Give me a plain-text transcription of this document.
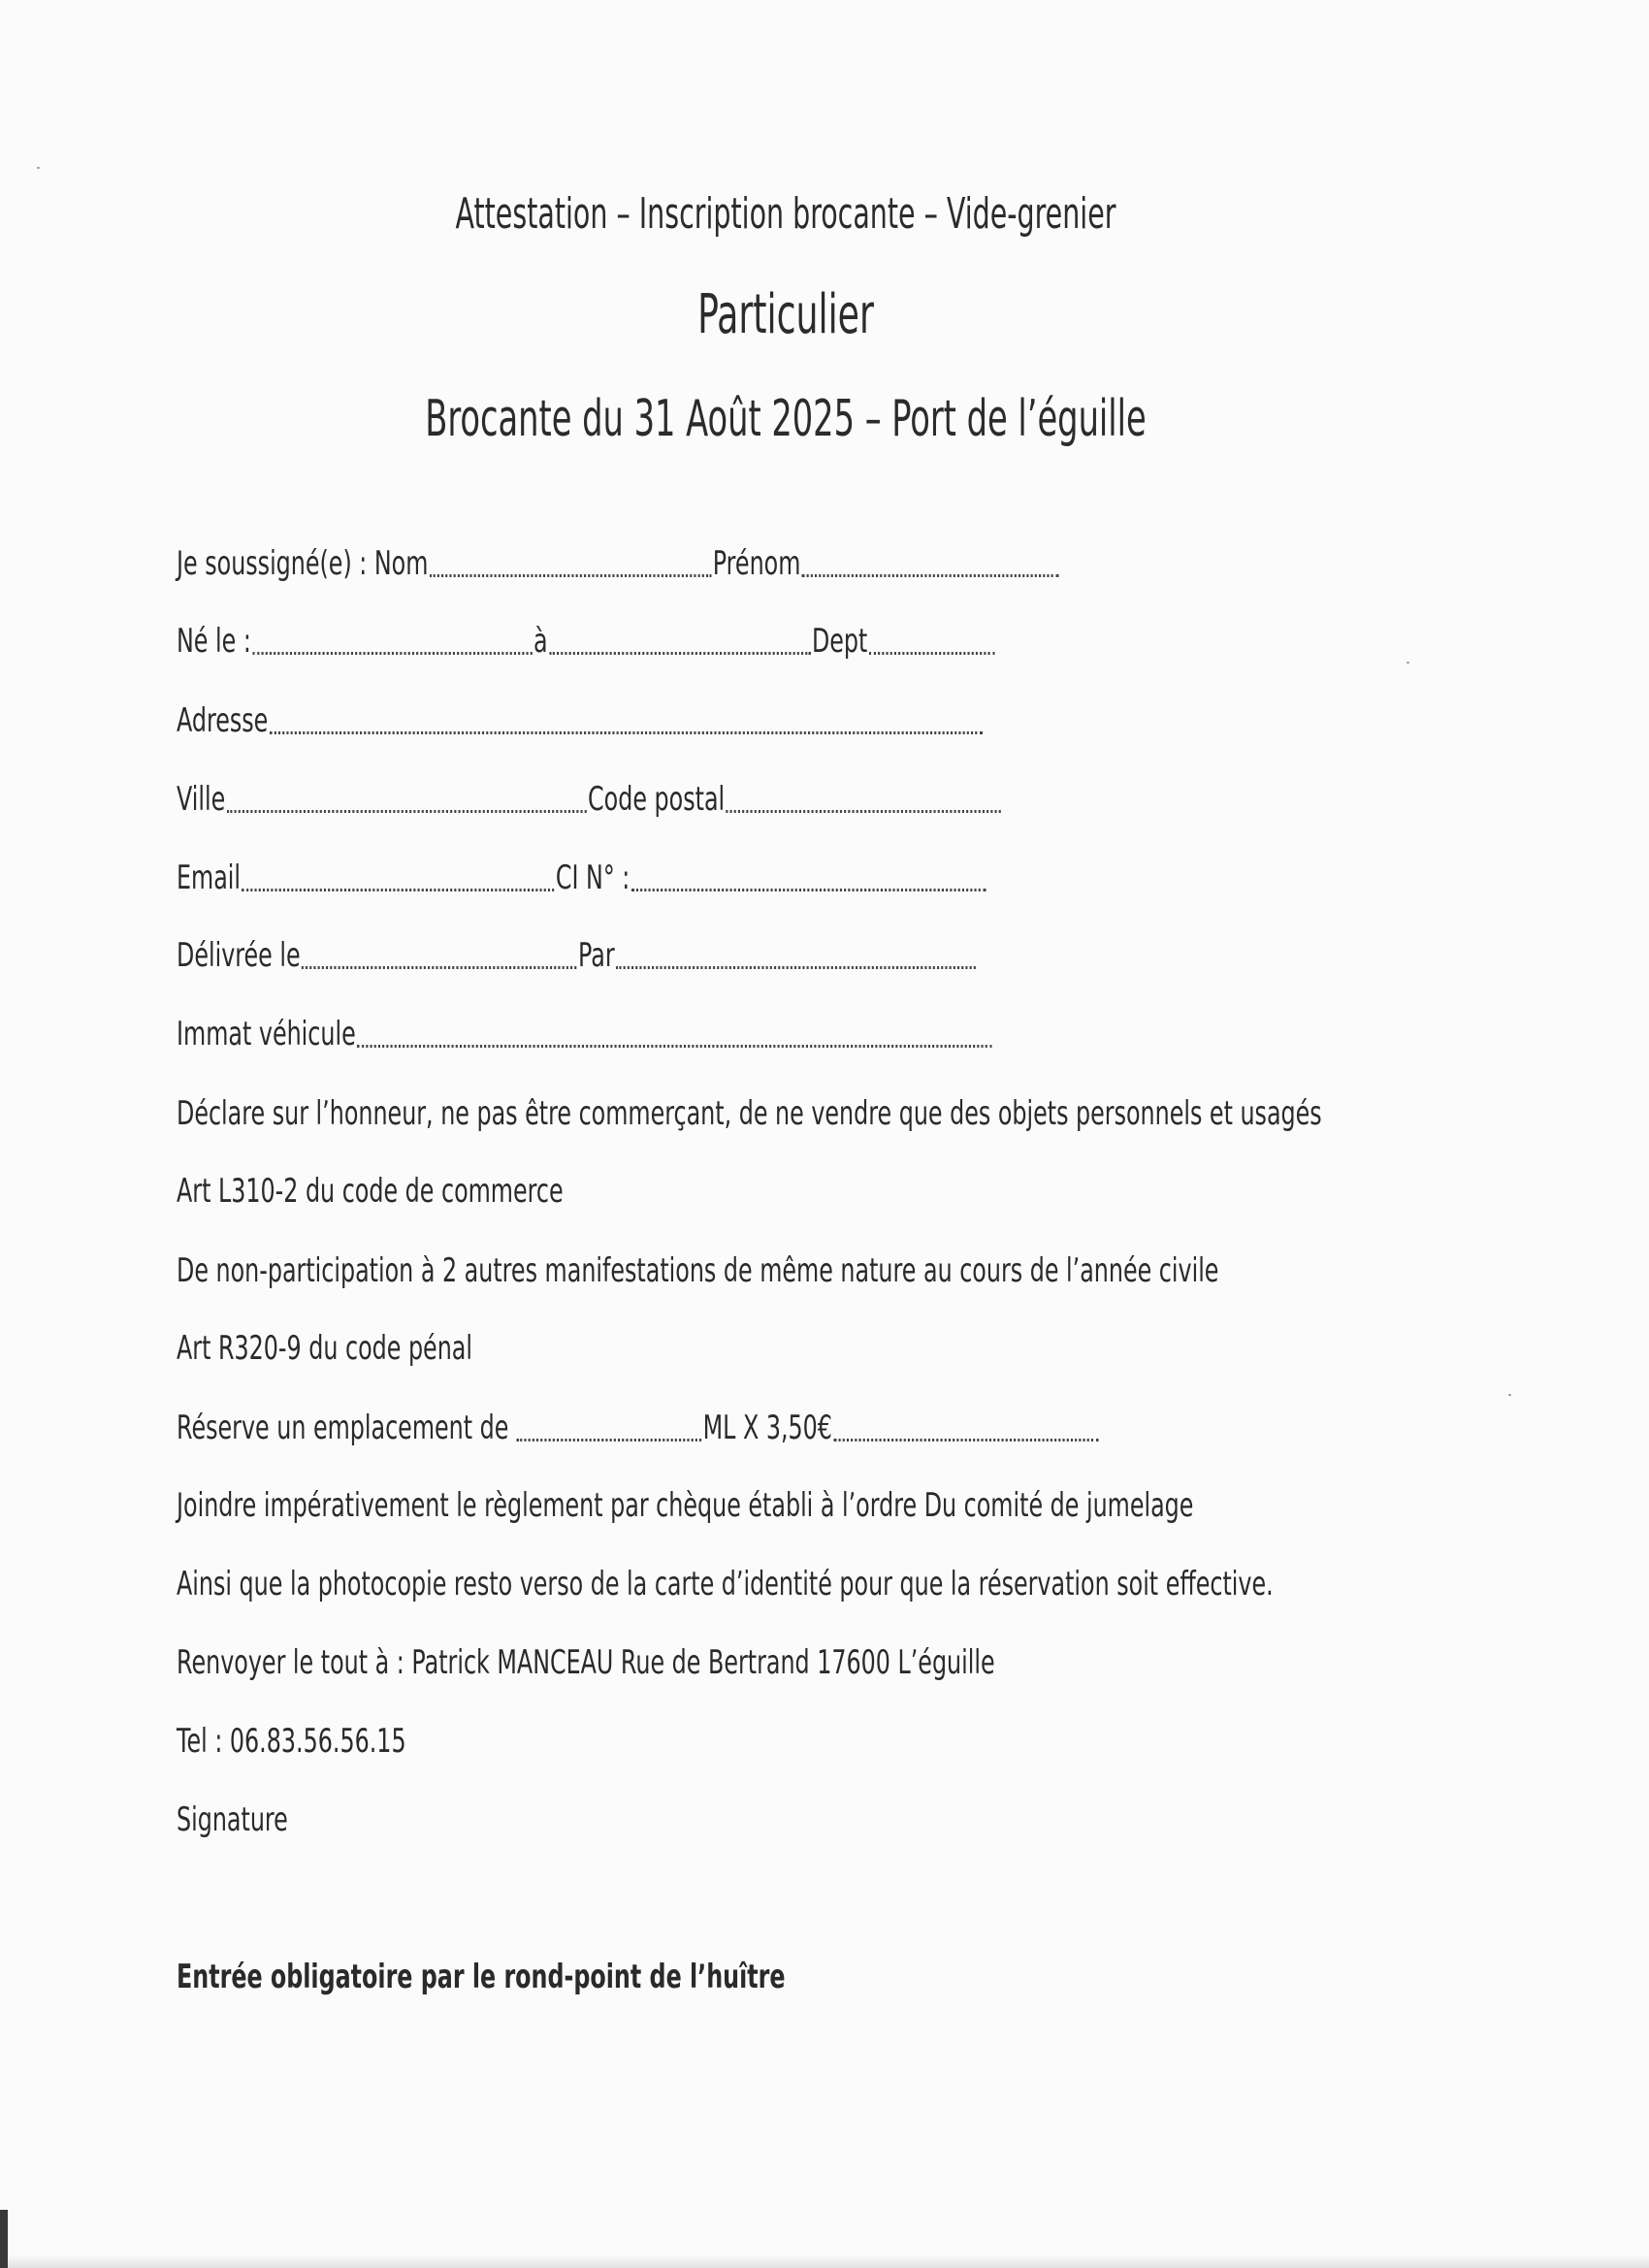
Attestation – Inscription brocante – Vide-grenier
Particulier
Brocante du 31 Août 2025 – Port de l’éguille
Je soussigné(e) : Nom	Prénom
Né le :	à	Dept
Adresse
Ville	Code postal
Email	CI N° :
Délivrée le	Par
Immat véhicule
Déclare sur l’honneur, ne pas être commerçant, de ne vendre que des objets personnels et usagés
Art L310-2 du code de commerce
De non-participation à 2 autres manifestations de même nature au cours de l’année civile
Art R320-9 du code pénal
Réserve un emplacement de	ML X 3,50€
Joindre impérativement le règlement par chèque établi à l’ordre Du comité de jumelage
Ainsi que la photocopie resto verso de la carte d’identité pour que la réservation soit effective.
Renvoyer le tout à : Patrick MANCEAU Rue de Bertrand 17600 L’éguille
Tel : 06.83.56.56.15
Signature
Entrée obligatoire par le rond-point de l’huître
